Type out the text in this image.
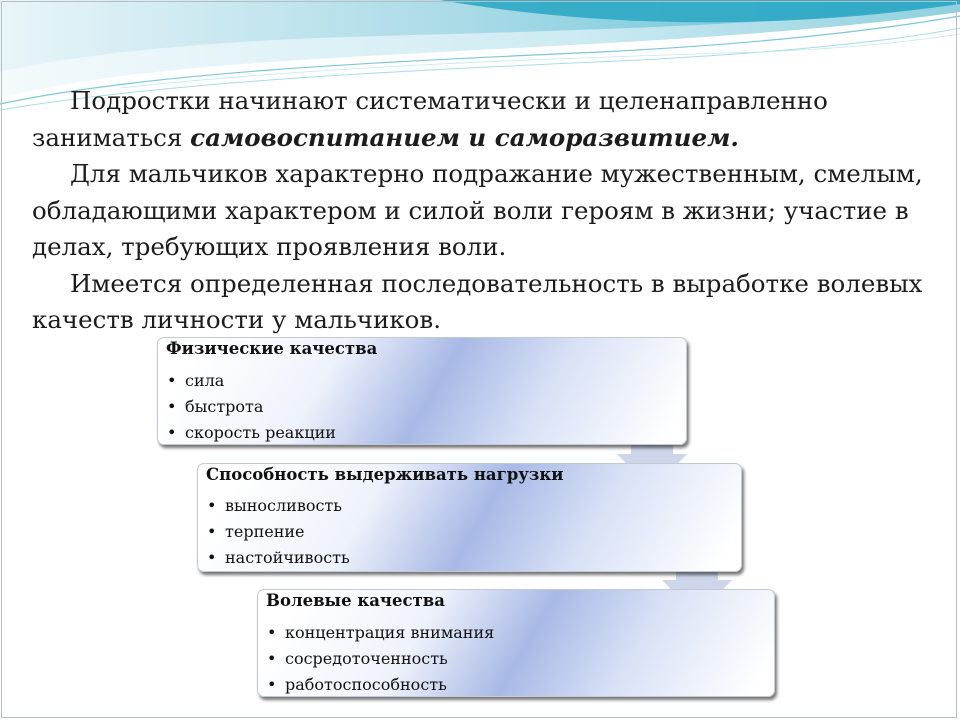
Подростки начинают систематически и целенаправленно заниматься самовоспитанием и саморазвитием.

Для мальчиков характерно подражание мужественным, смелым, обладающими характером и силой воли героям в жизни; участие в делах, требующих проявления воли.

Имеется определенная последовательность в выработке волевых качеств личности у мальчиков.

Физические качества
• сила
• быстрота
• скорость реакции
Способность выдерживать нагрузки
• выносливость
• терпение
• настойчивость
Волевые качества
• концентрация внимания
• сосредоточенность
• работоспособность
